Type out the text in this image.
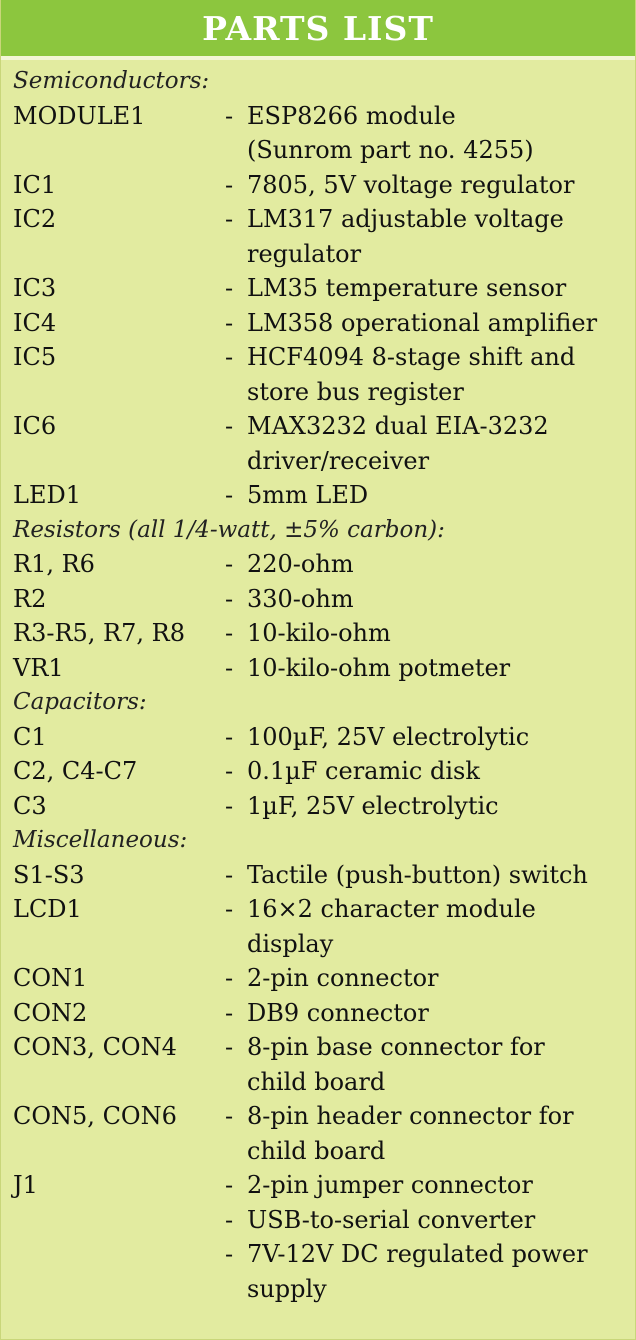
PARTS LIST
Semiconductors:
MODULE1	- ESP8266 module
(Sunrom part no. 4255)
IC1	- 7805, 5V voltage regulator
IC2	- LM317 adjustable voltage
regulator
IC3	- LM35 temperature sensor
IC4	- LM358 operational amplifier
IC5	- HCF4094 8-stage shift and
store bus register
IC6	- MAX3232 dual EIA-3232
driver/receiver
LED1	- 5mm LED
Resistors (all 1/4-watt, ±5% carbon):
R1, R6	- 220-ohm
R2	- 330-ohm
R3-R5, R7, R8	- 10-kilo-ohm
VR1	- 10-kilo-ohm potmeter
Capacitors:
C1	- 100µF, 25V electrolytic
C2, C4-C7	- 0.1µF ceramic disk
C3	- 1µF, 25V electrolytic
Miscellaneous:
S1-S3	- Tactile (push-button) switch
LCD1	- 16×2 character module
display
CON1	- 2-pin connector
CON2	- DB9 connector
CON3, CON4	- 8-pin base connector for
child board
CON5, CON6	- 8-pin header connector for
child board
J1	- 2-pin jumper connector
- USB-to-serial converter
- 7V-12V DC regulated power
supply
